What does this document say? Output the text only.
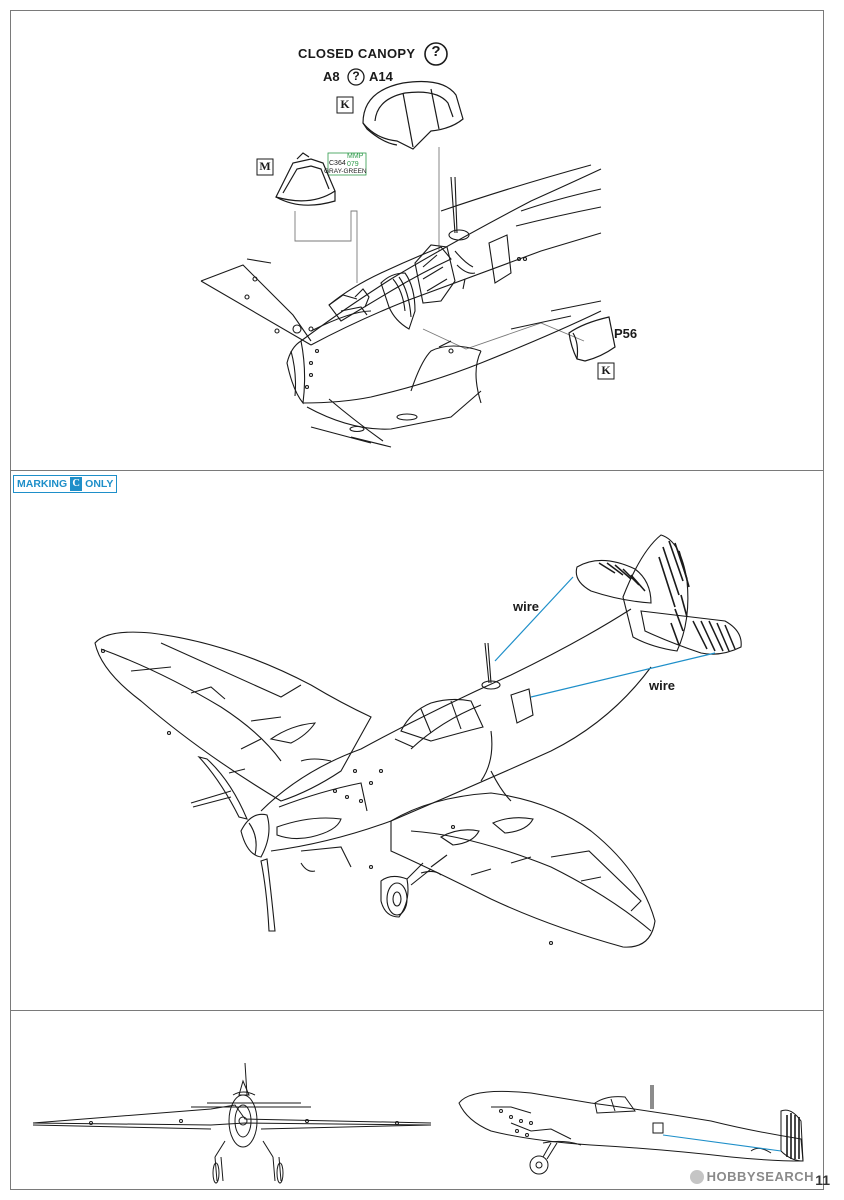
CLOSED CANOPY ?
A8 ? A14
K
M
MMP
079
C364
GRAY-GREEN
P56
K
MARKING C ONLY
wire
wire
HOBBYSEARCH 11
